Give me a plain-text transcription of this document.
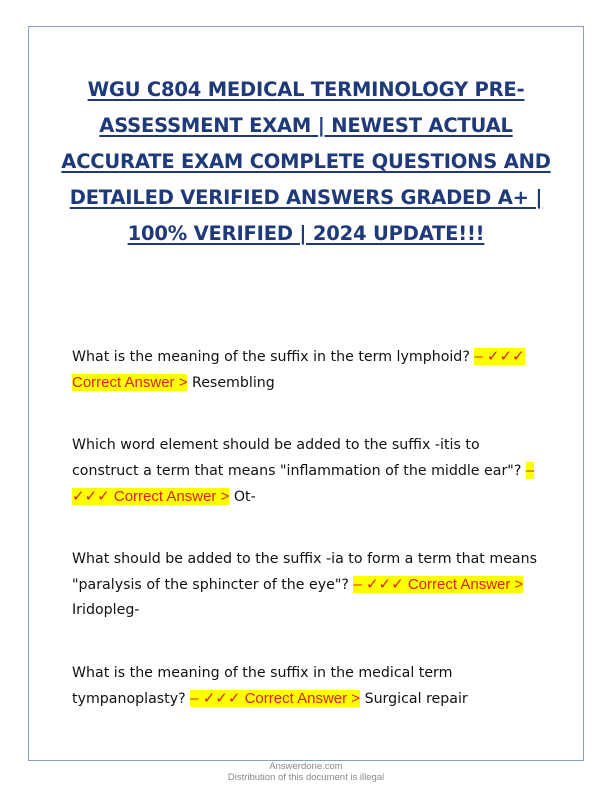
WGU C804 MEDICAL TERMINOLOGY PRE-ASSESSMENT EXAM | NEWEST ACTUAL ACCURATE EXAM COMPLETE QUESTIONS AND DETAILED VERIFIED ANSWERS GRADED A+ | 100% VERIFIED | 2024 UPDATE!!!
What is the meaning of the suffix in the term lymphoid? – ✓✓✓ Correct Answer > Resembling
Which word element should be added to the suffix -itis to construct a term that means "inflammation of the middle ear"? – ✓✓✓ Correct Answer > Ot-
What should be added to the suffix -ia to form a term that means "paralysis of the sphincter of the eye"? – ✓✓✓ Correct Answer > Iridopleg-
What is the meaning of the suffix in the medical term tympanoplasty? – ✓✓✓ Correct Answer > Surgical repair
Answerdone.com
Distribution of this document is illegal
